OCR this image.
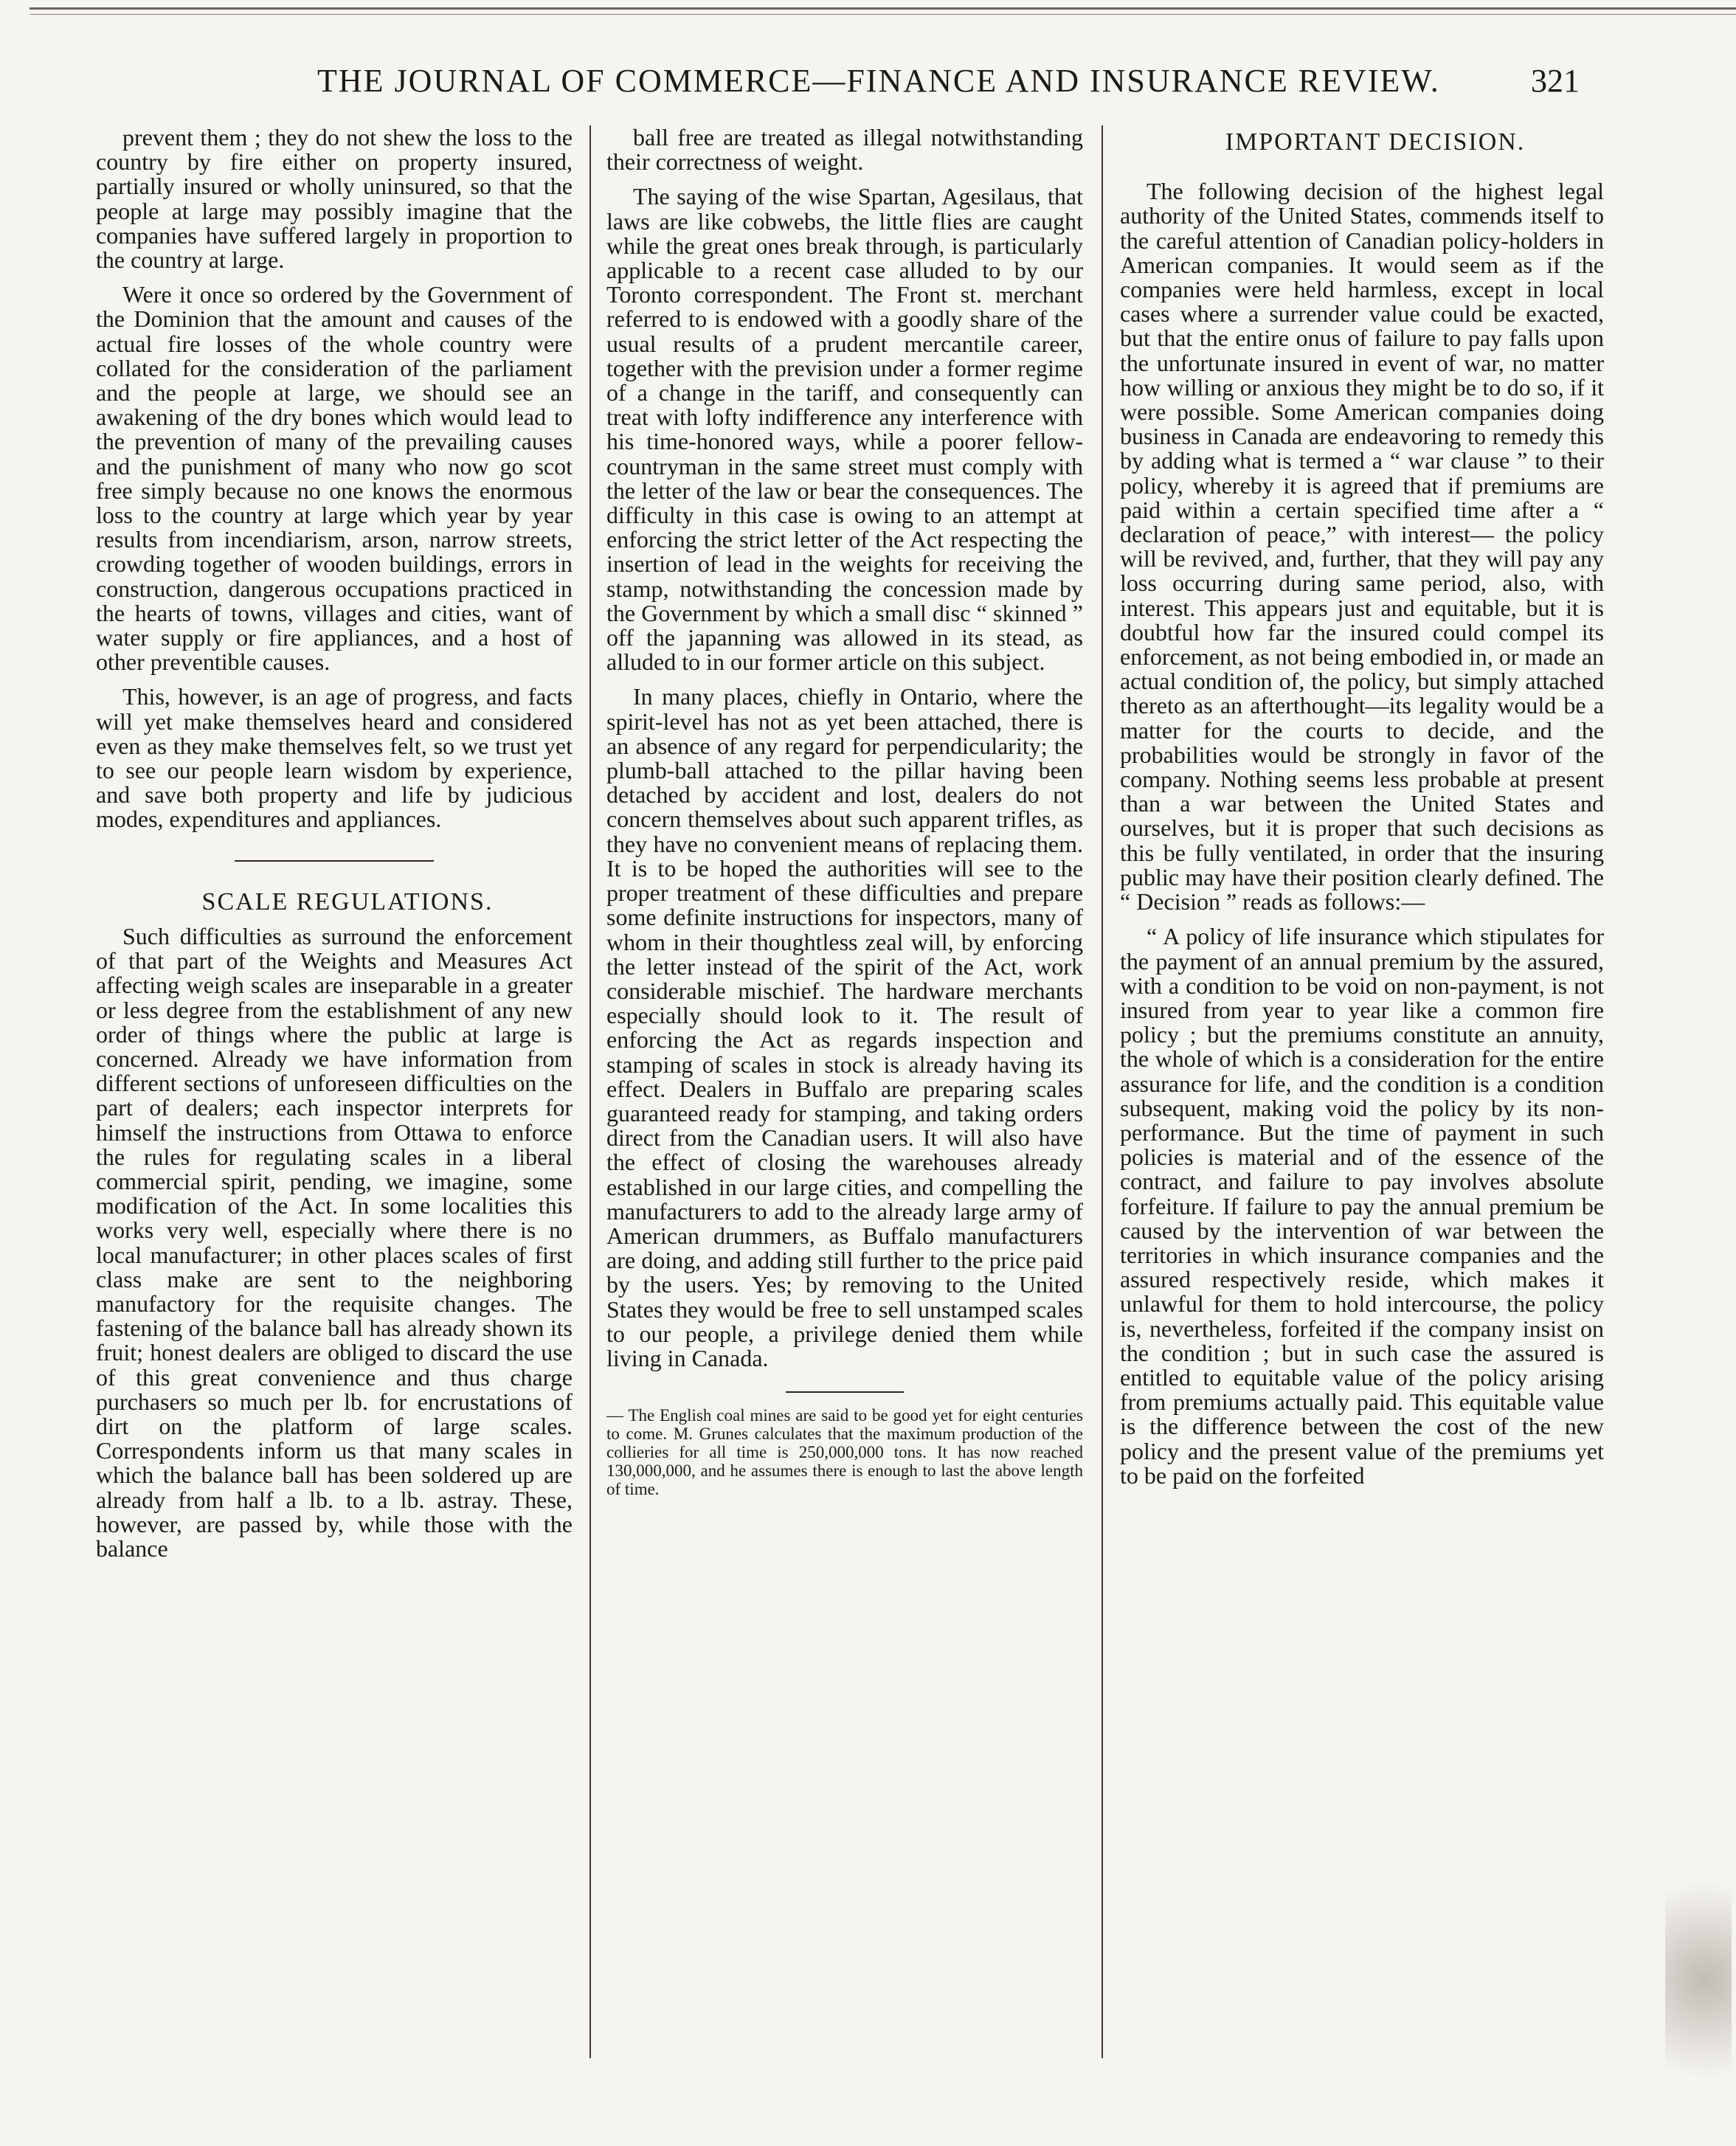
THE JOURNAL OF COMMERCE—FINANCE AND INSURANCE REVIEW.	321

prevent them ; they do not shew the loss to the country by fire either on property insured, partially insured or wholly uninsured, so that the people at large may possibly imagine that the companies have suffered largely in proportion to the country at large.

Were it once so ordered by the Government of the Dominion that the amount and causes of the actual fire losses of the whole country were collated for the consideration of the parliament and the people at large, we should see an awakening of the dry bones which would lead to the prevention of many of the prevailing causes and the punishment of many who now go scot free simply because no one knows the enormous loss to the country at large which year by year results from incendiarism, arson, narrow streets, crowding together of wooden buildings, errors in construction, dangerous occupations practiced in the hearts of towns, villages and cities, want of water supply or fire appliances, and a host of other preventible causes.

This, however, is an age of progress, and facts will yet make themselves heard and considered even as they make themselves felt, so we trust yet to see our people learn wisdom by experience, and save both property and life by judicious modes, expenditures and appliances.

SCALE REGULATIONS.

Such difficulties as surround the enforcement of that part of the Weights and Measures Act affecting weigh scales are inseparable in a greater or less degree from the establishment of any new order of things where the public at large is concerned. Already we have information from different sections of unforeseen difficulties on the part of dealers; each inspector interprets for himself the instructions from Ottawa to enforce the rules for regulating scales in a liberal commercial spirit, pending, we imagine, some modification of the Act. In some localities this works very well, especially where there is no local manufacturer; in other places scales of first class make are sent to the neighboring manufactory for the requisite changes. The fastening of the balance ball has already shown its fruit; honest dealers are obliged to discard the use of this great convenience and thus charge purchasers so much per lb. for encrustations of dirt on the platform of large scales. Correspondents inform us that many scales in which the balance ball has been soldered up are already from half a lb. to a lb. astray. These, however, are passed by, while those with the balance

ball free are treated as illegal notwithstanding their correctness of weight.

The saying of the wise Spartan, Agesilaus, that laws are like cobwebs, the little flies are caught while the great ones break through, is particularly applicable to a recent case alluded to by our Toronto correspondent. The Front st. merchant referred to is endowed with a goodly share of the usual results of a prudent mercantile career, together with the prevision under a former regime of a change in the tariff, and consequently can treat with lofty indifference any interference with his time-honored ways, while a poorer fellow-countryman in the same street must comply with the letter of the law or bear the consequences. The difficulty in this case is owing to an attempt at enforcing the strict letter of the Act respecting the insertion of lead in the weights for receiving the stamp, notwithstanding the concession made by the Government by which a small disc “ skinned ” off the japanning was allowed in its stead, as alluded to in our former article on this subject.

In many places, chiefly in Ontario, where the spirit-level has not as yet been attached, there is an absence of any regard for perpendicularity; the plumb-ball attached to the pillar having been detached by accident and lost, dealers do not concern themselves about such apparent trifles, as they have no convenient means of replacing them. It is to be hoped the authorities will see to the proper treatment of these difficulties and prepare some definite instructions for inspectors, many of whom in their thoughtless zeal will, by enforcing the letter instead of the spirit of the Act, work considerable mischief. The hardware merchants especially should look to it. The result of enforcing the Act as regards inspection and stamping of scales in stock is already having its effect. Dealers in Buffalo are preparing scales guaranteed ready for stamping, and taking orders direct from the Canadian users. It will also have the effect of closing the warehouses already established in our large cities, and compelling the manufacturers to add to the already large army of American drummers, as Buffalo manufacturers are doing, and adding still further to the price paid by the users. Yes; by removing to the United States they would be free to sell unstamped scales to our people, a privilege denied them while living in Canada.

— The English coal mines are said to be good yet for eight centuries to come. M. Grunes calculates that the maximum production of the collieries for all time is 250,000,000 tons. It has now reached 130,000,000, and he assumes there is enough to last the above length of time.

IMPORTANT DECISION.

The following decision of the highest legal authority of the United States, commends itself to the careful attention of Canadian policy-holders in American companies. It would seem as if the companies were held harmless, except in local cases where a surrender value could be exacted, but that the entire onus of failure to pay falls upon the unfortunate insured in event of war, no matter how willing or anxious they might be to do so, if it were possible. Some American companies doing business in Canada are endeavoring to remedy this by adding what is termed a “ war clause ” to their policy, whereby it is agreed that if premiums are paid within a certain specified time after a “ declaration of peace,” with interest— the policy will be revived, and, further, that they will pay any loss occurring during same period, also, with interest. This appears just and equitable, but it is doubtful how far the insured could compel its enforcement, as not being embodied in, or made an actual condition of, the policy, but simply attached thereto as an afterthought—its legality would be a matter for the courts to decide, and the probabilities would be strongly in favor of the company. Nothing seems less probable at present than a war between the United States and ourselves, but it is proper that such decisions as this be fully ventilated, in order that the insuring public may have their position clearly defined. The “ Decision ” reads as follows:—

“ A policy of life insurance which stipulates for the payment of an annual premium by the assured, with a condition to be void on non-payment, is not insured from year to year like a common fire policy ; but the premiums constitute an annuity, the whole of which is a consideration for the entire assurance for life, and the condition is a condition subsequent, making void the policy by its non-performance. But the time of payment in such policies is material and of the essence of the contract, and failure to pay involves absolute forfeiture. If failure to pay the annual premium be caused by the intervention of war between the territories in which insurance companies and the assured respectively reside, which makes it unlawful for them to hold intercourse, the policy is, nevertheless, forfeited if the company insist on the condition ; but in such case the assured is entitled to equitable value of the policy arising from premiums actually paid. This equitable value is the difference between the cost of the new policy and the present value of the premiums yet to be paid on the forfeited
